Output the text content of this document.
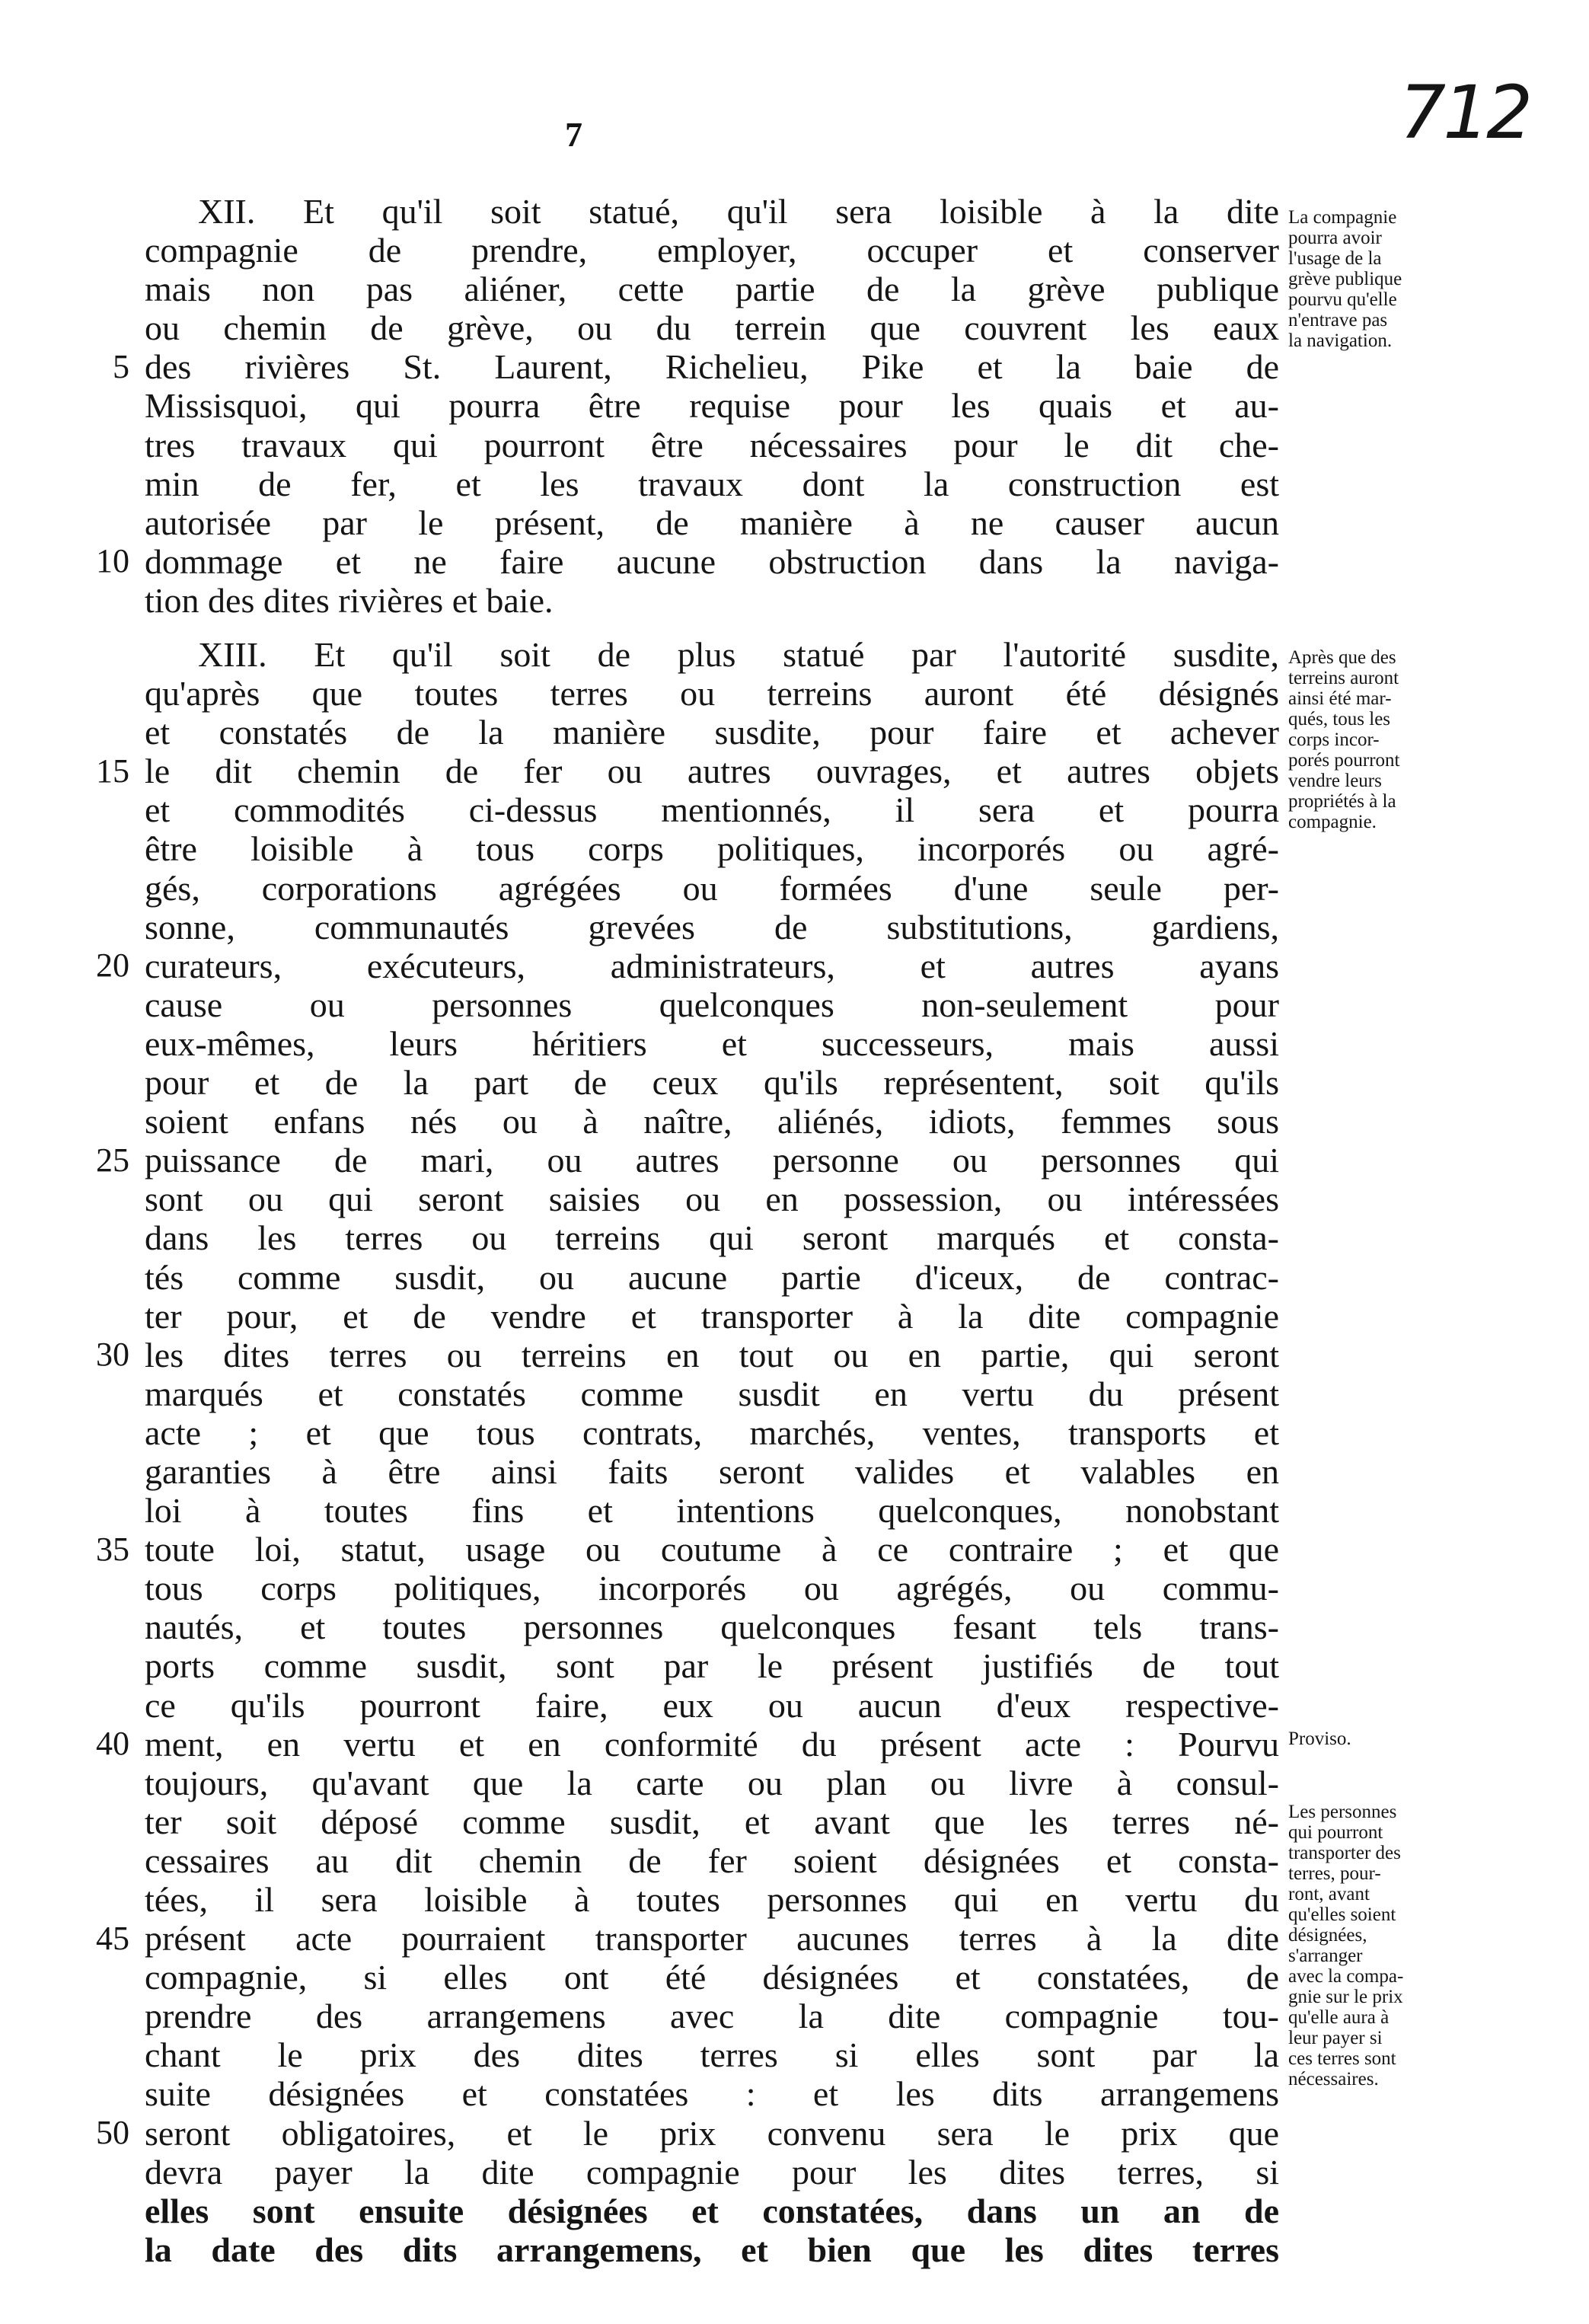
7	712
XII. Et qu'il soit statué, qu'il sera loisible à la dite
compagnie de prendre, employer, occuper et conserver
mais non pas aliéner, cette partie de la grève publique
ou chemin de grève, ou du terrein que couvrent les eaux
des rivières St. Laurent, Richelieu, Pike et la baie de
Missisquoi, qui pourra être requise pour les quais et au-
tres travaux qui pourront être nécessaires pour le dit che-
min de fer, et les travaux dont la construction est
autorisée par le présent, de manière à ne causer aucun
dommage et ne faire aucune obstruction dans la naviga-
tion des dites rivières et baie.
XIII. Et qu'il soit de plus statué par l'autorité susdite,
qu'après que toutes terres ou terreins auront été désignés
et constatés de la manière susdite, pour faire et achever
le dit chemin de fer ou autres ouvrages, et autres objets
et commodités ci-dessus mentionnés, il sera et pourra
être loisible à tous corps politiques, incorporés ou agré-
gés, corporations agrégées ou formées d'une seule per-
sonne, communautés grevées de substitutions, gardiens,
curateurs, exécuteurs, administrateurs, et autres ayans
cause ou personnes quelconques non-seulement pour
eux-mêmes, leurs héritiers et successeurs, mais aussi
pour et de la part de ceux qu'ils représentent, soit qu'ils
soient enfans nés ou à naître, aliénés, idiots, femmes sous
puissance de mari, ou autres personne ou personnes qui
sont ou qui seront saisies ou en possession, ou intéressées
dans les terres ou terreins qui seront marqués et consta-
tés comme susdit, ou aucune partie d'iceux, de contrac-
ter pour, et de vendre et transporter à la dite compagnie
les dites terres ou terreins en tout ou en partie, qui seront
marqués et constatés comme susdit en vertu du présent
acte ; et que tous contrats, marchés, ventes, transports et
garanties à être ainsi faits seront valides et valables en
loi à toutes fins et intentions quelconques, nonobstant
toute loi, statut, usage ou coutume à ce contraire ; et que
tous corps politiques, incorporés ou agrégés, ou commu-
nautés, et toutes personnes quelconques fesant tels trans-
ports comme susdit, sont par le présent justifiés de tout
ce qu'ils pourront faire, eux ou aucun d'eux respective-
ment, en vertu et en conformité du présent acte : Pourvu
toujours, qu'avant que la carte ou plan ou livre à consul-
ter soit déposé comme susdit, et avant que les terres né-
cessaires au dit chemin de fer soient désignées et consta-
tées, il sera loisible à toutes personnes qui en vertu du
présent acte pourraient transporter aucunes terres à la dite
compagnie, si elles ont été désignées et constatées, de
prendre des arrangemens avec la dite compagnie tou-
chant le prix des dites terres si elles sont par la
suite désignées et constatées : et les dits arrangemens
seront obligatoires, et le prix convenu sera le prix que
devra payer la dite compagnie pour les dites terres, si
elles sont ensuite désignées et constatées, dans un an de
la date des dits arrangemens, et bien que les dites terres
5
10
15
20
25
30
35
40
45
50
La compagnie
pourra avoir
l'usage de la
grève publique
pourvu qu'elle
n'entrave pas
la navigation.
Après que des
terreins auront
ainsi été mar-
qués, tous les
corps incor-
porés pourront
vendre leurs
propriétés à la
compagnie.
Proviso.
Les personnes
qui pourront
transporter des
terres, pour-
ront, avant
qu'elles soient
désignées,
s'arranger
avec la compa-
gnie sur le prix
qu'elle aura à
leur payer si
ces terres sont
nécessaires.
